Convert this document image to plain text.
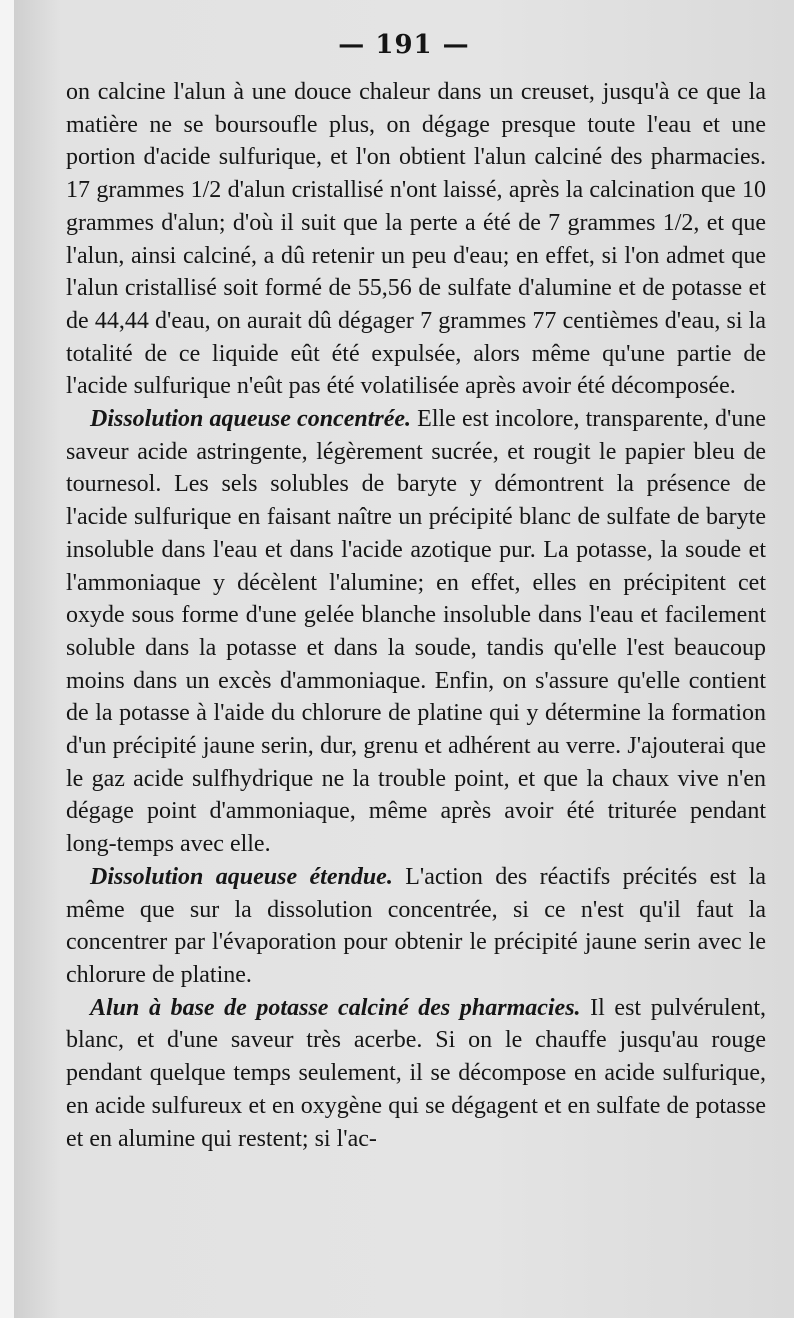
— 191 —

on calcine l'alun à une douce chaleur dans un creuset, jusqu'à ce que la matière ne se boursoufle plus, on dégage presque toute l'eau et une portion d'acide sulfurique, et l'on obtient l'alun calciné des pharmacies. 17 grammes 1/2 d'alun cristallisé n'ont laissé, après la calcination que 10 grammes d'alun; d'où il suit que la perte a été de 7 grammes 1/2, et que l'alun, ainsi calciné, a dû retenir un peu d'eau; en effet, si l'on admet que l'alun cristallisé soit formé de 55,56 de sulfate d'alumine et de potasse et de 44,44 d'eau, on aurait dû dégager 7 grammes 77 centièmes d'eau, si la totalité de ce liquide eût été expulsée, alors même qu'une partie de l'acide sulfurique n'eût pas été volatilisée après avoir été décomposée.

Dissolution aqueuse concentrée. Elle est incolore, transparente, d'une saveur acide astringente, légèrement sucrée, et rougit le papier bleu de tournesol. Les sels solubles de baryte y démontrent la présence de l'acide sulfurique en faisant naître un précipité blanc de sulfate de baryte insoluble dans l'eau et dans l'acide azotique pur. La potasse, la soude et l'ammoniaque y décèlent l'alumine; en effet, elles en précipitent cet oxyde sous forme d'une gelée blanche insoluble dans l'eau et facilement soluble dans la potasse et dans la soude, tandis qu'elle l'est beaucoup moins dans un excès d'ammoniaque. Enfin, on s'assure qu'elle contient de la potasse à l'aide du chlorure de platine qui y détermine la formation d'un précipité jaune serin, dur, grenu et adhérent au verre. J'ajouterai que le gaz acide sulfhydrique ne la trouble point, et que la chaux vive n'en dégage point d'ammoniaque, même après avoir été triturée pendant long-temps avec elle.

Dissolution aqueuse étendue. L'action des réactifs précités est la même que sur la dissolution concentrée, si ce n'est qu'il faut la concentrer par l'évaporation pour obtenir le précipité jaune serin avec le chlorure de platine.

Alun à base de potasse calciné des pharmacies. Il est pulvérulent, blanc, et d'une saveur très acerbe. Si on le chauffe jusqu'au rouge pendant quelque temps seulement, il se décompose en acide sulfurique, en acide sulfureux et en oxygène qui se dégagent et en sulfate de potasse et en alumine qui restent; si l'ac-
